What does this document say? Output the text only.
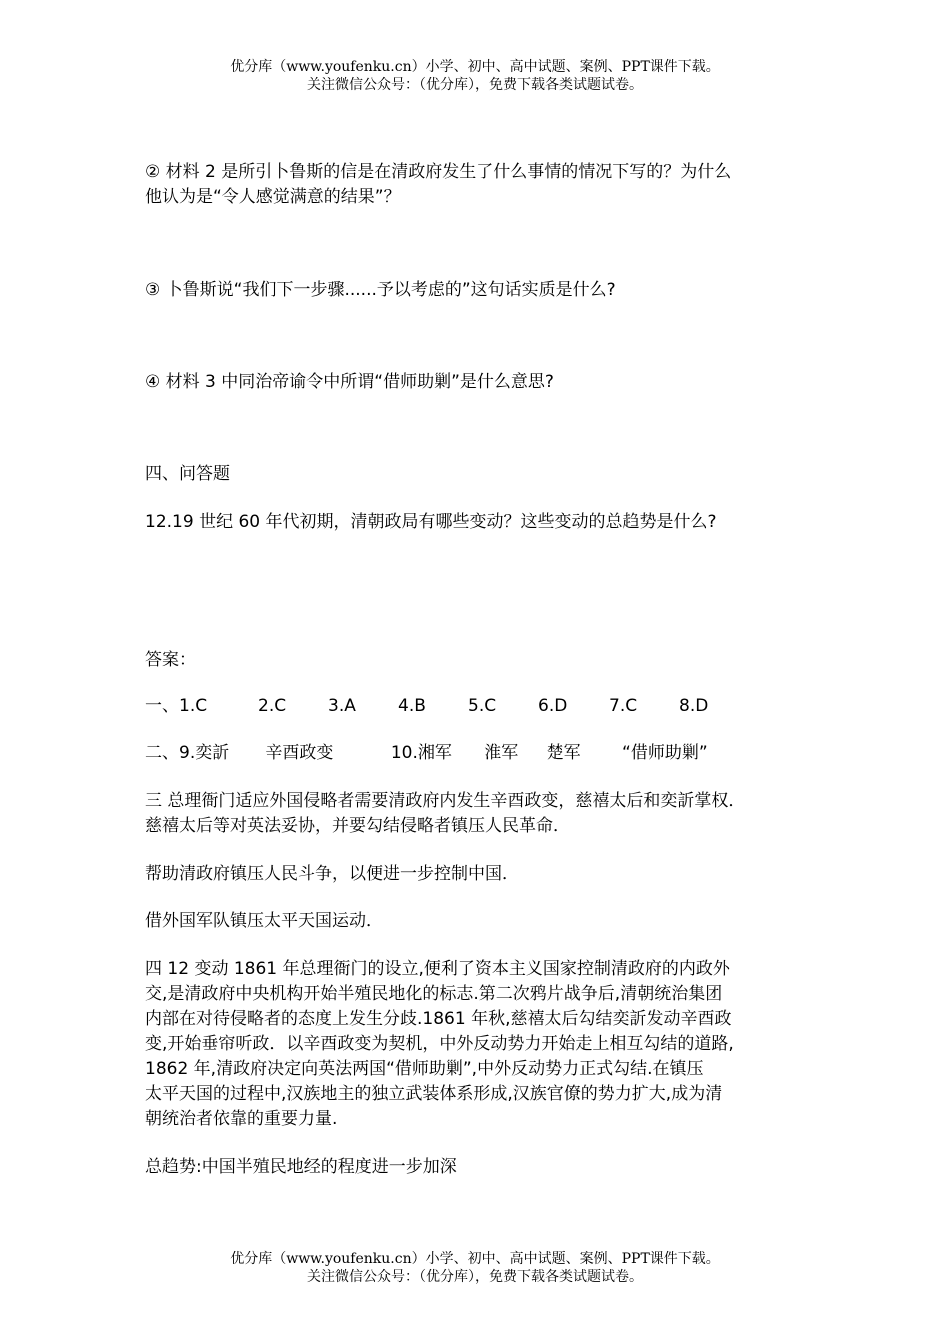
优分库（www.youfenku.cn）小学、初中、高中试题、案例、PPT课件下载。
关注微信公众号：（优分库），免费下载各类试题试卷。
② 材料 2 是所引卜鲁斯的信是在清政府发生了什么事情的情况下写的？为什么
他认为是“令人感觉满意的结果”？

③ 卜鲁斯说“我们下一步骤......予以考虑的”这句话实质是什么?

④ 材料 3 中同治帝谕令中所谓“借师助剿”是什么意思?

四、问答题

12.19 世纪 60 年代初期，清朝政局有哪些变动？这些变动的总趋势是什么?

答案：

一、1.C	2.C	3.A	4.B	5.C	6.D	7.C	8.D
二、9.奕訢 辛酉政变	10.湘军 淮军 楚军 “借师助剿”
三 总理衙门适应外国侵略者需要清政府内发生辛酉政变，慈禧太后和奕訢掌权．
慈禧太后等对英法妥协，并要勾结侵略者镇压人民革命．

帮助清政府镇压人民斗争，以便进一步控制中国．

借外国军队镇压太平天国运动．

四 12 变动 1861 年总理衙门的设立,便利了资本主义国家控制清政府的内政外
交,是清政府中央机构开始半殖民地化的标志.第二次鸦片战争后,清朝统治集团
内部在对待侵略者的态度上发生分歧.1861 年秋,慈禧太后勾结奕訢发动辛酉政
变,开始垂帘听政．以辛酉政变为契机，中外反动势力开始走上相互勾结的道路,
1862 年,清政府决定向英法两国“借师助剿”,中外反动势力正式勾结.在镇压
太平天国的过程中,汉族地主的独立武装体系形成,汉族官僚的势力扩大,成为清
朝统治者依靠的重要力量.

总趋势:中国半殖民地经的程度进一步加深

优分库（www.youfenku.cn）小学、初中、高中试题、案例、PPT课件下载。
关注微信公众号：（优分库），免费下载各类试题试卷。
